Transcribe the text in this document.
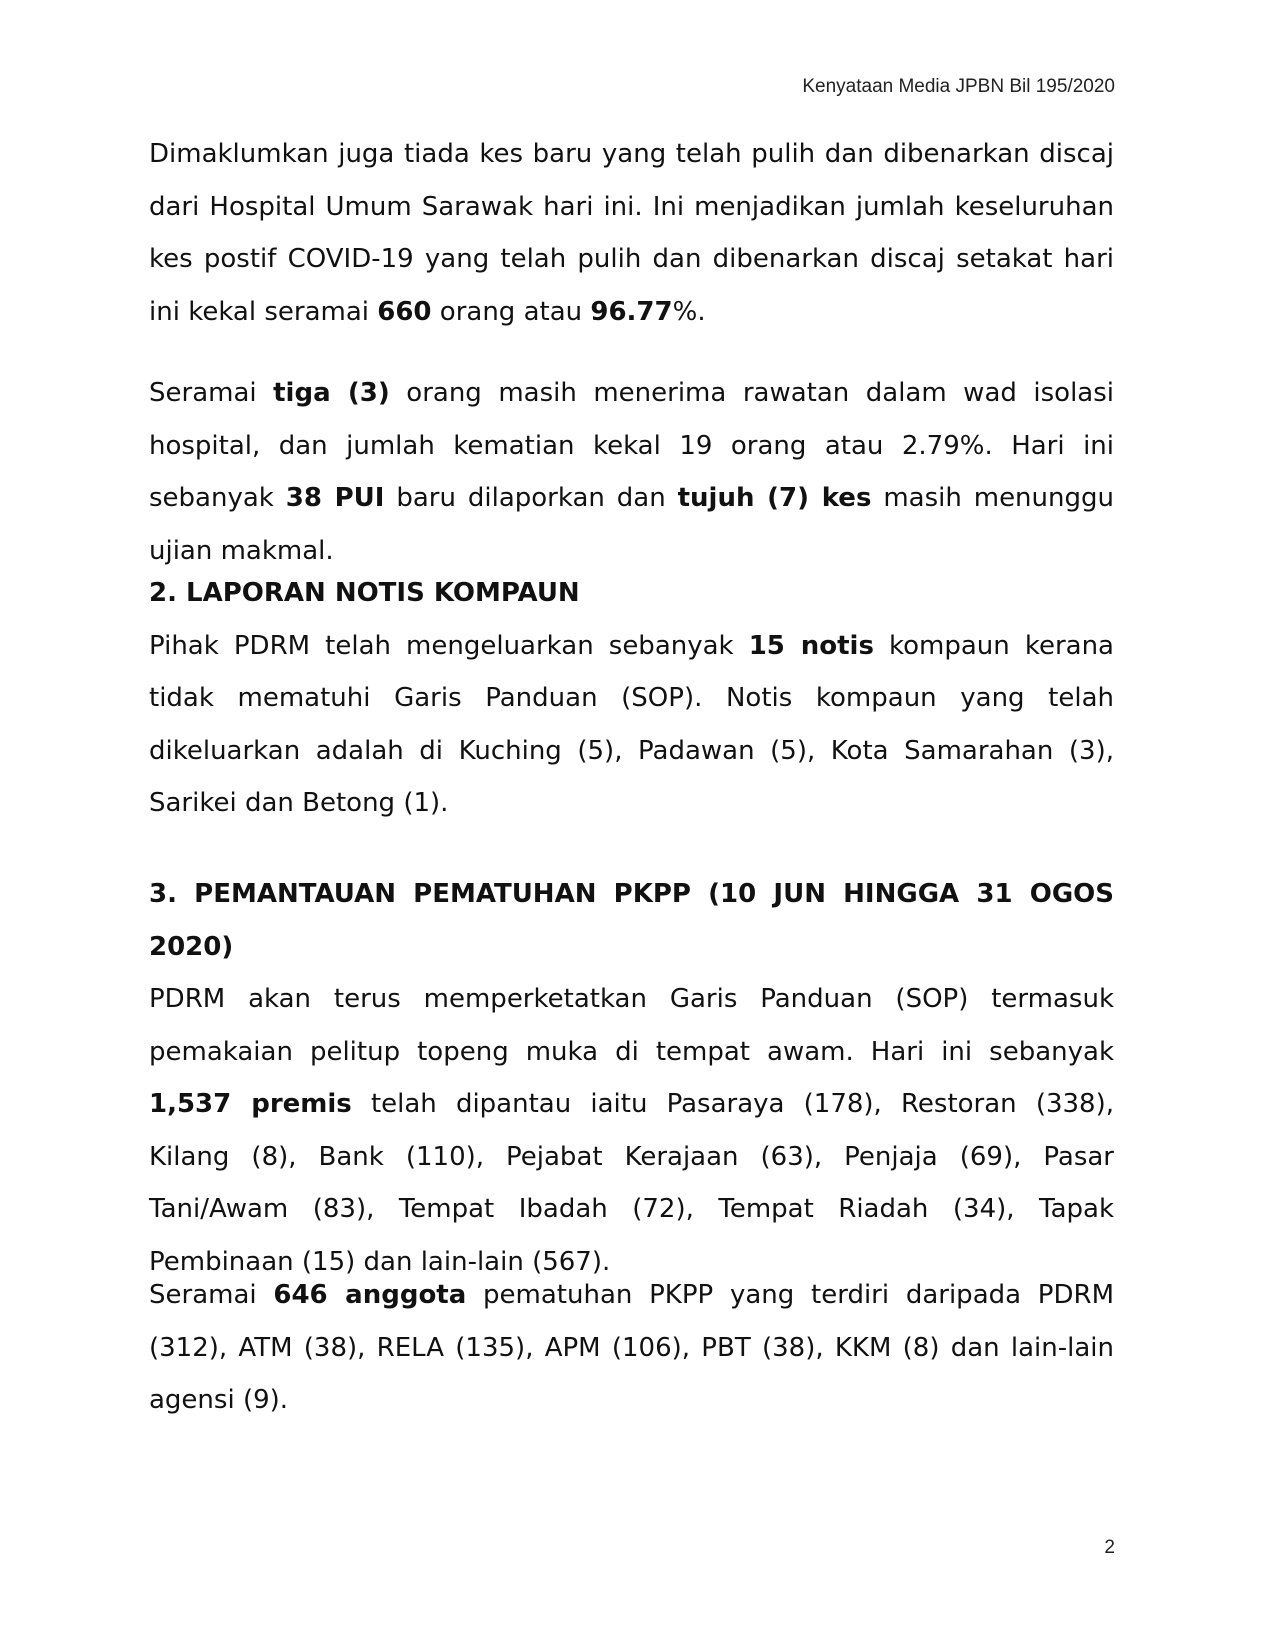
Kenyataan Media JPBN Bil 195/2020

Dimaklumkan juga tiada kes baru yang telah pulih dan dibenarkan discaj dari Hospital Umum Sarawak hari ini. Ini menjadikan jumlah keseluruhan kes postif COVID-19 yang telah pulih dan dibenarkan discaj setakat hari ini kekal seramai 660 orang atau 96.77%.

Seramai tiga (3) orang masih menerima rawatan dalam wad isolasi hospital, dan jumlah kematian kekal 19 orang atau 2.79%. Hari ini sebanyak 38 PUI baru dilaporkan dan tujuh (7) kes masih menunggu ujian makmal.

2. LAPORAN NOTIS KOMPAUN

Pihak PDRM telah mengeluarkan sebanyak 15 notis kompaun kerana tidak mematuhi Garis Panduan (SOP). Notis kompaun yang telah dikeluarkan adalah di Kuching (5), Padawan (5), Kota Samarahan (3), Sarikei dan Betong (1).

3. PEMANTAUAN PEMATUHAN PKPP (10 JUN HINGGA 31 OGOS 2020)

PDRM akan terus memperketatkan Garis Panduan (SOP) termasuk pemakaian pelitup topeng muka di tempat awam. Hari ini sebanyak 1,537 premis telah dipantau iaitu Pasaraya (178), Restoran (338), Kilang (8), Bank (110), Pejabat Kerajaan (63), Penjaja (69), Pasar Tani/Awam (83), Tempat Ibadah (72), Tempat Riadah (34), Tapak Pembinaan (15) dan lain-lain (567).

Seramai 646 anggota pematuhan PKPP yang terdiri daripada PDRM (312), ATM (38), RELA (135), APM (106), PBT (38), KKM (8) dan lain-lain agensi (9).

2
